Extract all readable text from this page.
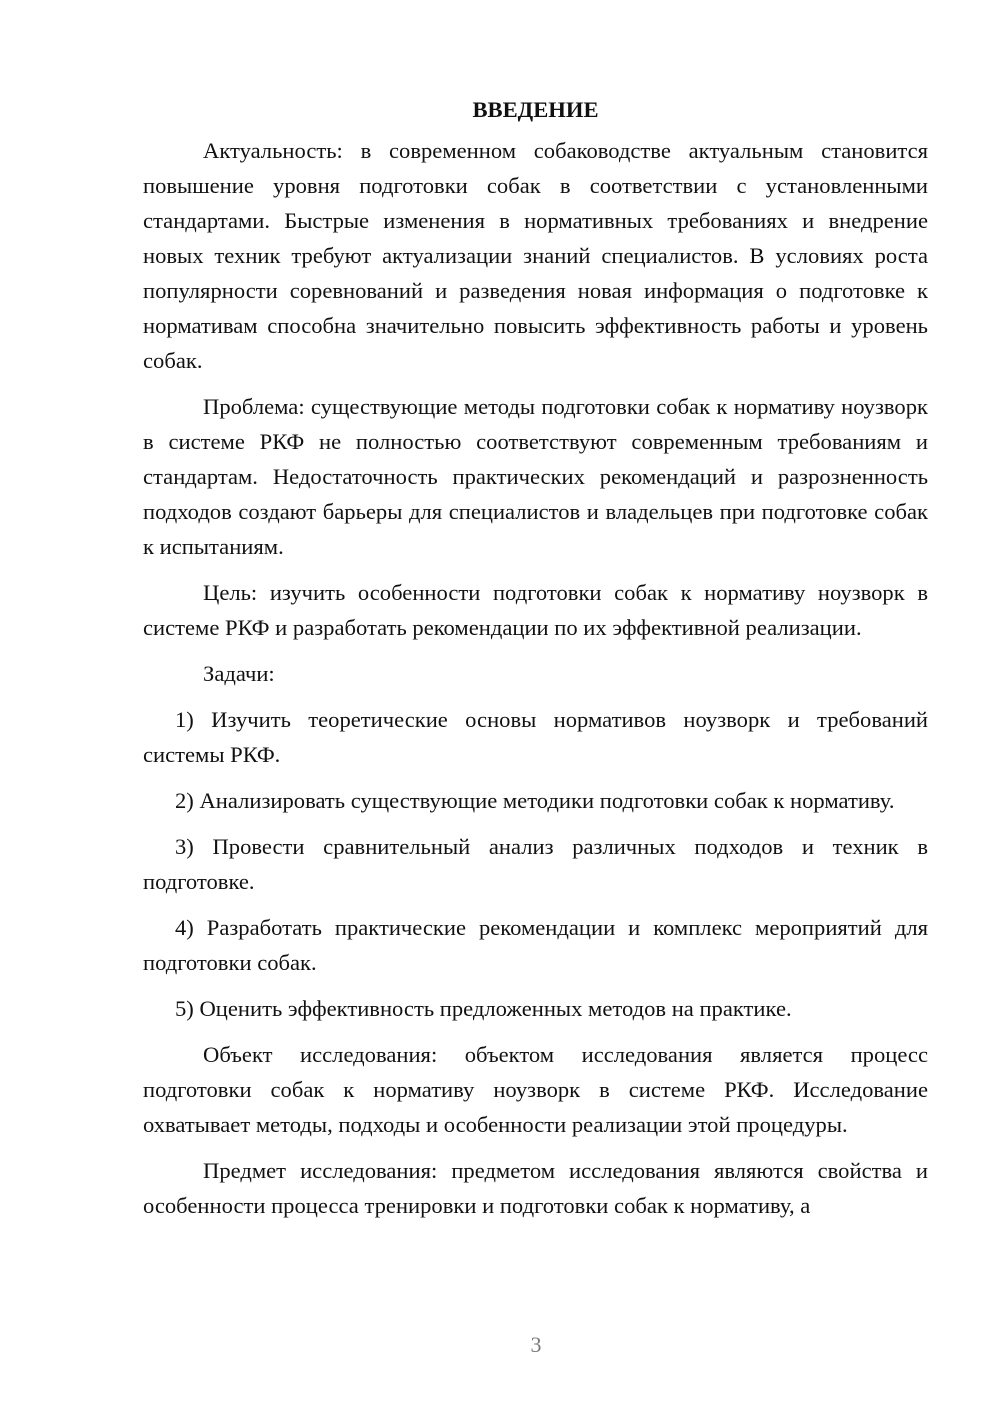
ВВЕДЕНИЕ

Актуальность: в современном собаководстве актуальным становится повышение уровня подготовки собак в соответствии с установленными стандартами. Быстрые изменения в нормативных требованиях и внедрение новых техник требуют актуализации знаний специалистов. В условиях роста популярности соревнований и разведения новая информация о подготовке к нормативам способна значительно повысить эффективность работы и уровень собак.

Проблема: существующие методы подготовки собак к нормативу ноузворк в системе РКФ не полностью соответствуют современным требованиям и стандартам. Недостаточность практических рекомендаций и разрозненность подходов создают барьеры для специалистов и владельцев при подготовке собак к испытаниям.

Цель: изучить особенности подготовки собак к нормативу ноузворк в системе РКФ и разработать рекомендации по их эффективной реализации.

Задачи:

1) Изучить теоретические основы нормативов ноузворк и требований системы РКФ.

2) Анализировать существующие методики подготовки собак к нормативу.

3) Провести сравнительный анализ различных подходов и техник в подготовке.

4) Разработать практические рекомендации и комплекс мероприятий для подготовки собак.

5) Оценить эффективность предложенных методов на практике.

Объект исследования: объектом исследования является процесс подготовки собак к нормативу ноузворк в системе РКФ. Исследование охватывает методы, подходы и особенности реализации этой процедуры.

Предмет исследования: предметом исследования являются свойства и особенности процесса тренировки и подготовки собак к нормативу, а

3
